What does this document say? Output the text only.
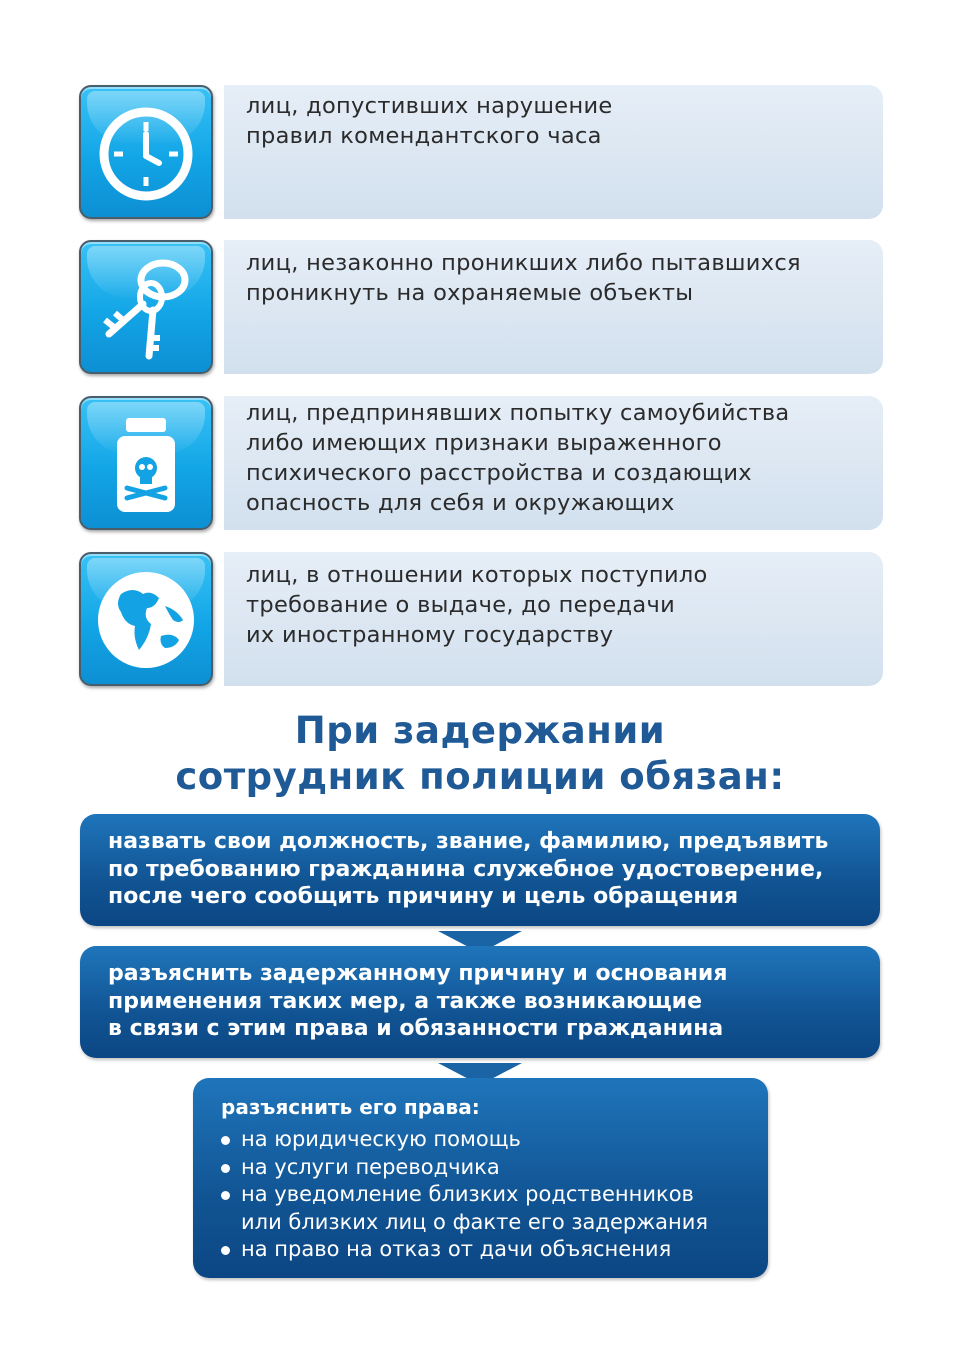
лиц, допустивших нарушение
правил комендантского часа
лиц, незаконно проникших либо пытавшихся
проникнуть на охраняемые объекты
лиц, предпринявших попытку самоубийства
либо имеющих признаки выраженного
психического расстройства и создающих
опасность для себя и окружающих
лиц, в отношении которых поступило
требование о выдаче, до передачи
их иностранному государству
При задержании
сотрудник полиции обязан:
назвать свои должность, звание, фамилию, предъявить
по требованию гражданина служебное удостоверение,
после чего сообщить причину и цель обращения
разъяснить задержанному причину и основания
применения таких мер, а также возникающие
в связи с этим права и обязанности гражданина
разъяснить его права:
на юридическую помощь
на услуги переводчика
на уведомление близких родственников
или близких лиц о факте его задержания
на право на отказ от дачи объяснения
